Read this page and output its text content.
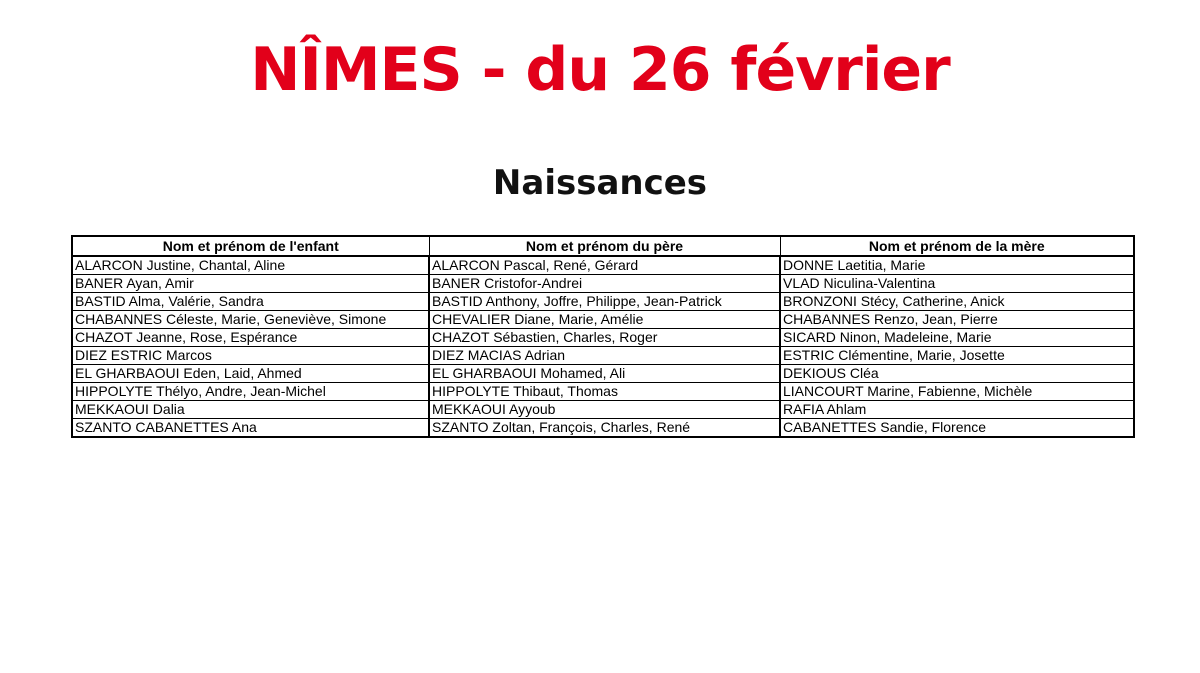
NÎMES - du 26 février
Naissances
Nom et prénom de l'enfant	Nom et prénom du père	Nom et prénom de la mère
ALARCON Justine, Chantal, Aline	ALARCON Pascal, René, Gérard	DONNE Laetitia, Marie
BANER Ayan, Amir	BANER Cristofor-Andrei	VLAD Niculina-Valentina
BASTID Alma, Valérie, Sandra	BASTID Anthony, Joffre, Philippe, Jean-Patrick	BRONZONI Stécy, Catherine, Anick
CHABANNES Céleste, Marie, Geneviève, Simone	CHEVALIER Diane, Marie, Amélie	CHABANNES Renzo, Jean, Pierre
CHAZOT Jeanne, Rose, Espérance	CHAZOT Sébastien, Charles, Roger	SICARD Ninon, Madeleine, Marie
DIEZ ESTRIC Marcos	DIEZ MACIAS Adrian	ESTRIC Clémentine, Marie, Josette
EL GHARBAOUI Eden, Laid, Ahmed	EL GHARBAOUI Mohamed, Ali	DEKIOUS Cléa
HIPPOLYTE Thélyo, Andre, Jean-Michel	HIPPOLYTE Thibaut, Thomas	LIANCOURT Marine, Fabienne, Michèle
MEKKAOUI Dalia	MEKKAOUI Ayyoub	RAFIA Ahlam
SZANTO CABANETTES Ana	SZANTO Zoltan, François, Charles, René	CABANETTES Sandie, Florence
